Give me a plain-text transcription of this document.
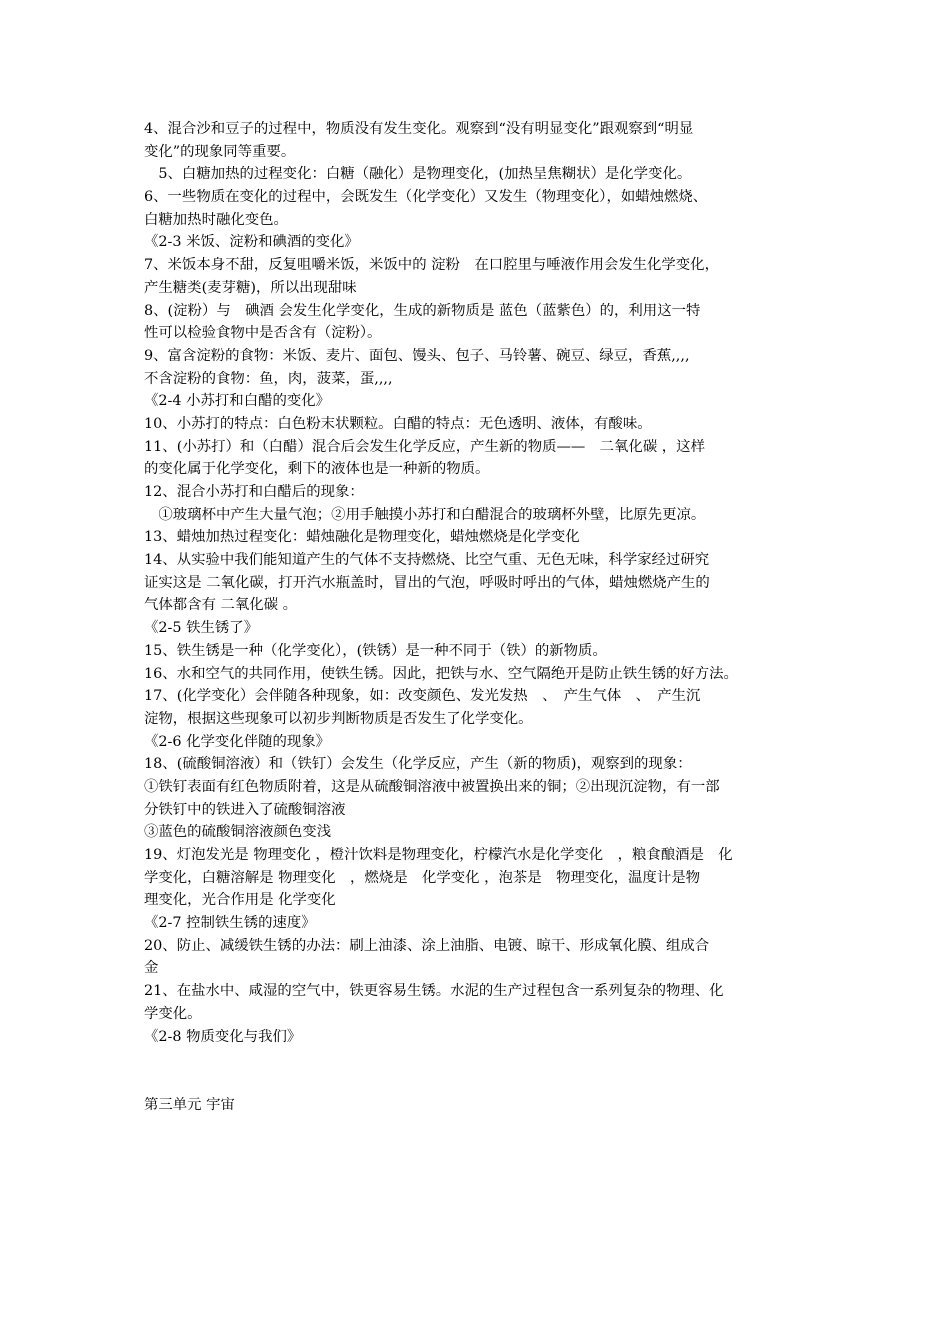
4、混合沙和豆子的过程中，物质没有发生变化。观察到“没有明显变化”跟观察到“明显
变化”的现象同等重要。
　5、白糖加热的过程变化：白糖（融化）是物理变化，(加热呈焦糊状）是化学变化。
6、一些物质在变化的过程中，会既发生（化学变化）又发生（物理变化），如蜡烛燃烧、
白糖加热时融化变色。
《2-3 米饭、淀粉和碘酒的变化》
7、米饭本身不甜，反复咀嚼米饭，米饭中的 淀粉　在口腔里与唾液作用会发生化学变化，
产生糖类(麦芽糖)，所以出现甜味
8、(淀粉）与　碘酒 会发生化学变化，生成的新物质是 蓝色（蓝紫色）的，利用这一特
性可以检验食物中是否含有（淀粉）。
9、富含淀粉的食物：米饭、麦片、面包、馒头、包子、马铃薯、碗豆、绿豆，香蕉,,,,
不含淀粉的食物：鱼，肉，菠菜，蛋,,,,
《2-4 小苏打和白醋的变化》
10、小苏打的特点：白色粉末状颗粒。白醋的特点：无色透明、液体，有酸味。
11、(小苏打）和（白醋）混合后会发生化学反应，产生新的物质——　二氧化碳 ，这样
的变化属于化学变化，剩下的液体也是一种新的物质。
12、混合小苏打和白醋后的现象：
　①玻璃杯中产生大量气泡；②用手触摸小苏打和白醋混合的玻璃杯外壁，比原先更凉。
13、蜡烛加热过程变化：蜡烛融化是物理变化，蜡烛燃烧是化学变化
14、从实验中我们能知道产生的气体不支持燃烧、比空气重、无色无味，科学家经过研究
证实这是 二氧化碳，打开汽水瓶盖时，冒出的气泡，呼吸时呼出的气体，蜡烛燃烧产生的
气体都含有 二氧化碳 。
《2-5 铁生锈了》
15、铁生锈是一种（化学变化），(铁锈）是一种不同于（铁）的新物质。
16、水和空气的共同作用，使铁生锈。因此，把铁与水、空气隔绝开是防止铁生锈的好方法。
17、(化学变化）会伴随各种现象，如：改变颜色、发光发热　、　产生气体　、　产生沉
淀物，根据这些现象可以初步判断物质是否发生了化学变化。
《2-6 化学变化伴随的现象》
18、(硫酸铜溶液）和（铁钉）会发生（化学反应，产生（新的物质)，观察到的现象：
①铁钉表面有红色物质附着，这是从硫酸铜溶液中被置换出来的铜；②出现沉淀物，有一部
分铁钉中的铁进入了硫酸铜溶液
③蓝色的硫酸铜溶液颜色变浅
19、灯泡发光是 物理变化 ，橙汁饮料是物理变化，柠檬汽水是化学变化　，粮食酿酒是　化
学变化，白糖溶解是 物理变化　，燃烧是　化学变化 ，泡茶是　物理变化，温度计是物
理变化，光合作用是 化学变化
《2-7 控制铁生锈的速度》
20、防止、减缓铁生锈的办法：刷上油漆、涂上油脂、电镀、晾干、形成氧化膜、组成合
金
21、在盐水中、咸湿的空气中，铁更容易生锈。水泥的生产过程包含一系列复杂的物理、化
学变化。
《2-8 物质变化与我们》
第三单元 宇宙
